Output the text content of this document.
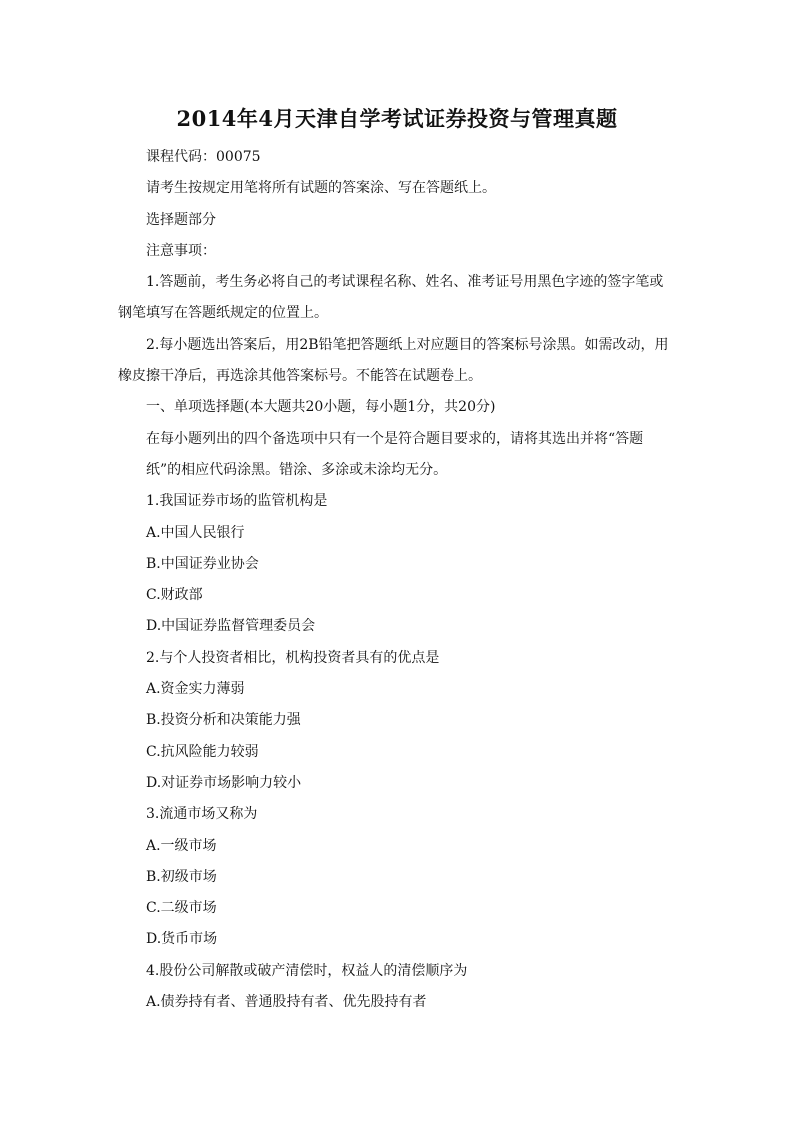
2014年4月天津自学考试证券投资与管理真题
课程代码：00075
请考生按规定用笔将所有试题的答案涂、写在答题纸上。
选择题部分
注意事项：
1.答题前，考生务必将自己的考试课程名称、姓名、准考证号用黑色字迹的签字笔或
钢笔填写在答题纸规定的位置上。
2.每小题选出答案后，用2B铅笔把答题纸上对应题目的答案标号涂黑。如需改动，用
橡皮擦干净后，再选涂其他答案标号。不能答在试题卷上。
一、单项选择题(本大题共20小题，每小题1分，共20分)
在每小题列出的四个备选项中只有一个是符合题目要求的，请将其选出并将“答题
纸”的相应代码涂黑。错涂、多涂或未涂均无分。
1.我国证券市场的监管机构是
A.中国人民银行
B.中国证券业协会
C.财政部
D.中国证券监督管理委员会
2.与个人投资者相比，机构投资者具有的优点是
A.资金实力薄弱
B.投资分析和决策能力强
C.抗风险能力较弱
D.对证券市场影响力较小
3.流通市场又称为
A.一级市场
B.初级市场
C.二级市场
D.货币市场
4.股份公司解散或破产清偿时，权益人的清偿顺序为
A.债券持有者、普通股持有者、优先股持有者
